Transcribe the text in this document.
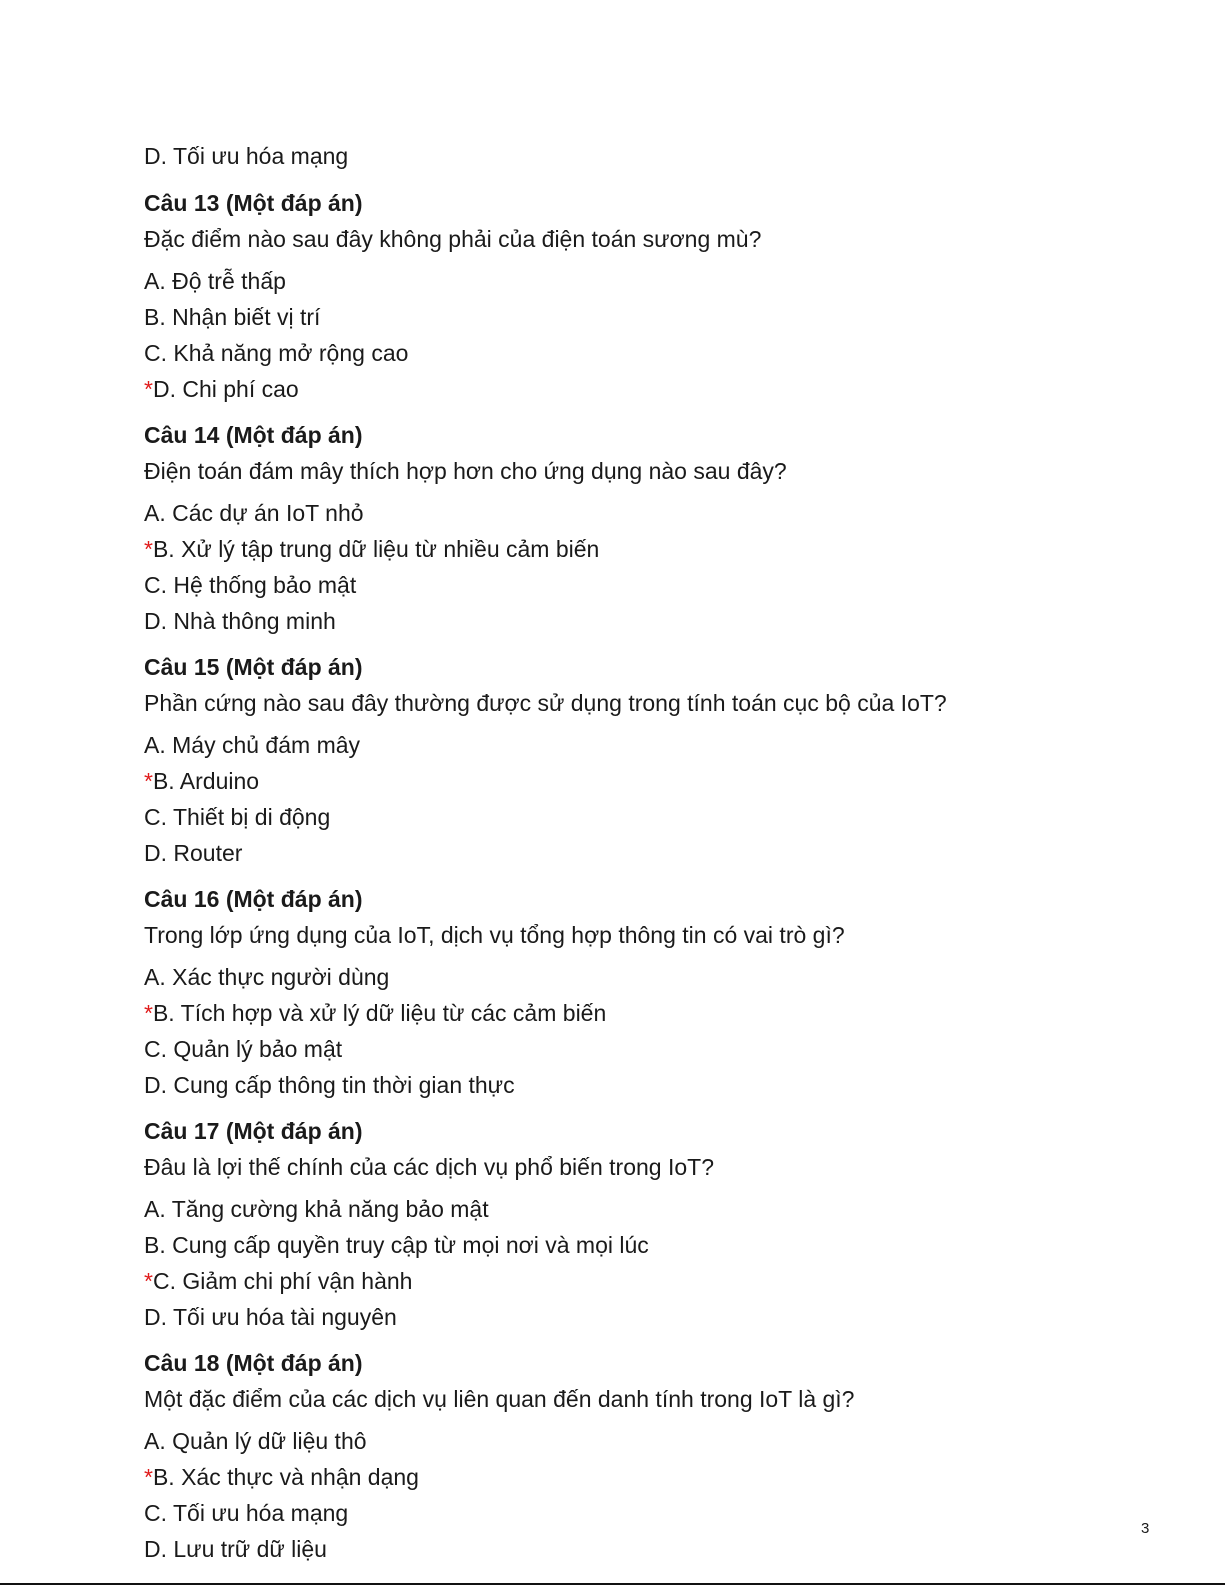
D. Tối ưu hóa mạng
Câu 13 (Một đáp án)
Đặc điểm nào sau đây không phải của điện toán sương mù?
A. Độ trễ thấp
B. Nhận biết vị trí
C. Khả năng mở rộng cao
*D. Chi phí cao
Câu 14 (Một đáp án)
Điện toán đám mây thích hợp hơn cho ứng dụng nào sau đây?
A. Các dự án IoT nhỏ
*B. Xử lý tập trung dữ liệu từ nhiều cảm biến
C. Hệ thống bảo mật
D. Nhà thông minh
Câu 15 (Một đáp án)
Phần cứng nào sau đây thường được sử dụng trong tính toán cục bộ của IoT?
A. Máy chủ đám mây
*B. Arduino
C. Thiết bị di động
D. Router
Câu 16 (Một đáp án)
Trong lớp ứng dụng của IoT, dịch vụ tổng hợp thông tin có vai trò gì?
A. Xác thực người dùng
*B. Tích hợp và xử lý dữ liệu từ các cảm biến
C. Quản lý bảo mật
D. Cung cấp thông tin thời gian thực
Câu 17 (Một đáp án)
Đâu là lợi thế chính của các dịch vụ phổ biến trong IoT?
A. Tăng cường khả năng bảo mật
B. Cung cấp quyền truy cập từ mọi nơi và mọi lúc
*C. Giảm chi phí vận hành
D. Tối ưu hóa tài nguyên
Câu 18 (Một đáp án)
Một đặc điểm của các dịch vụ liên quan đến danh tính trong IoT là gì?
A. Quản lý dữ liệu thô
*B. Xác thực và nhận dạng
C. Tối ưu hóa mạng
D. Lưu trữ dữ liệu
3
